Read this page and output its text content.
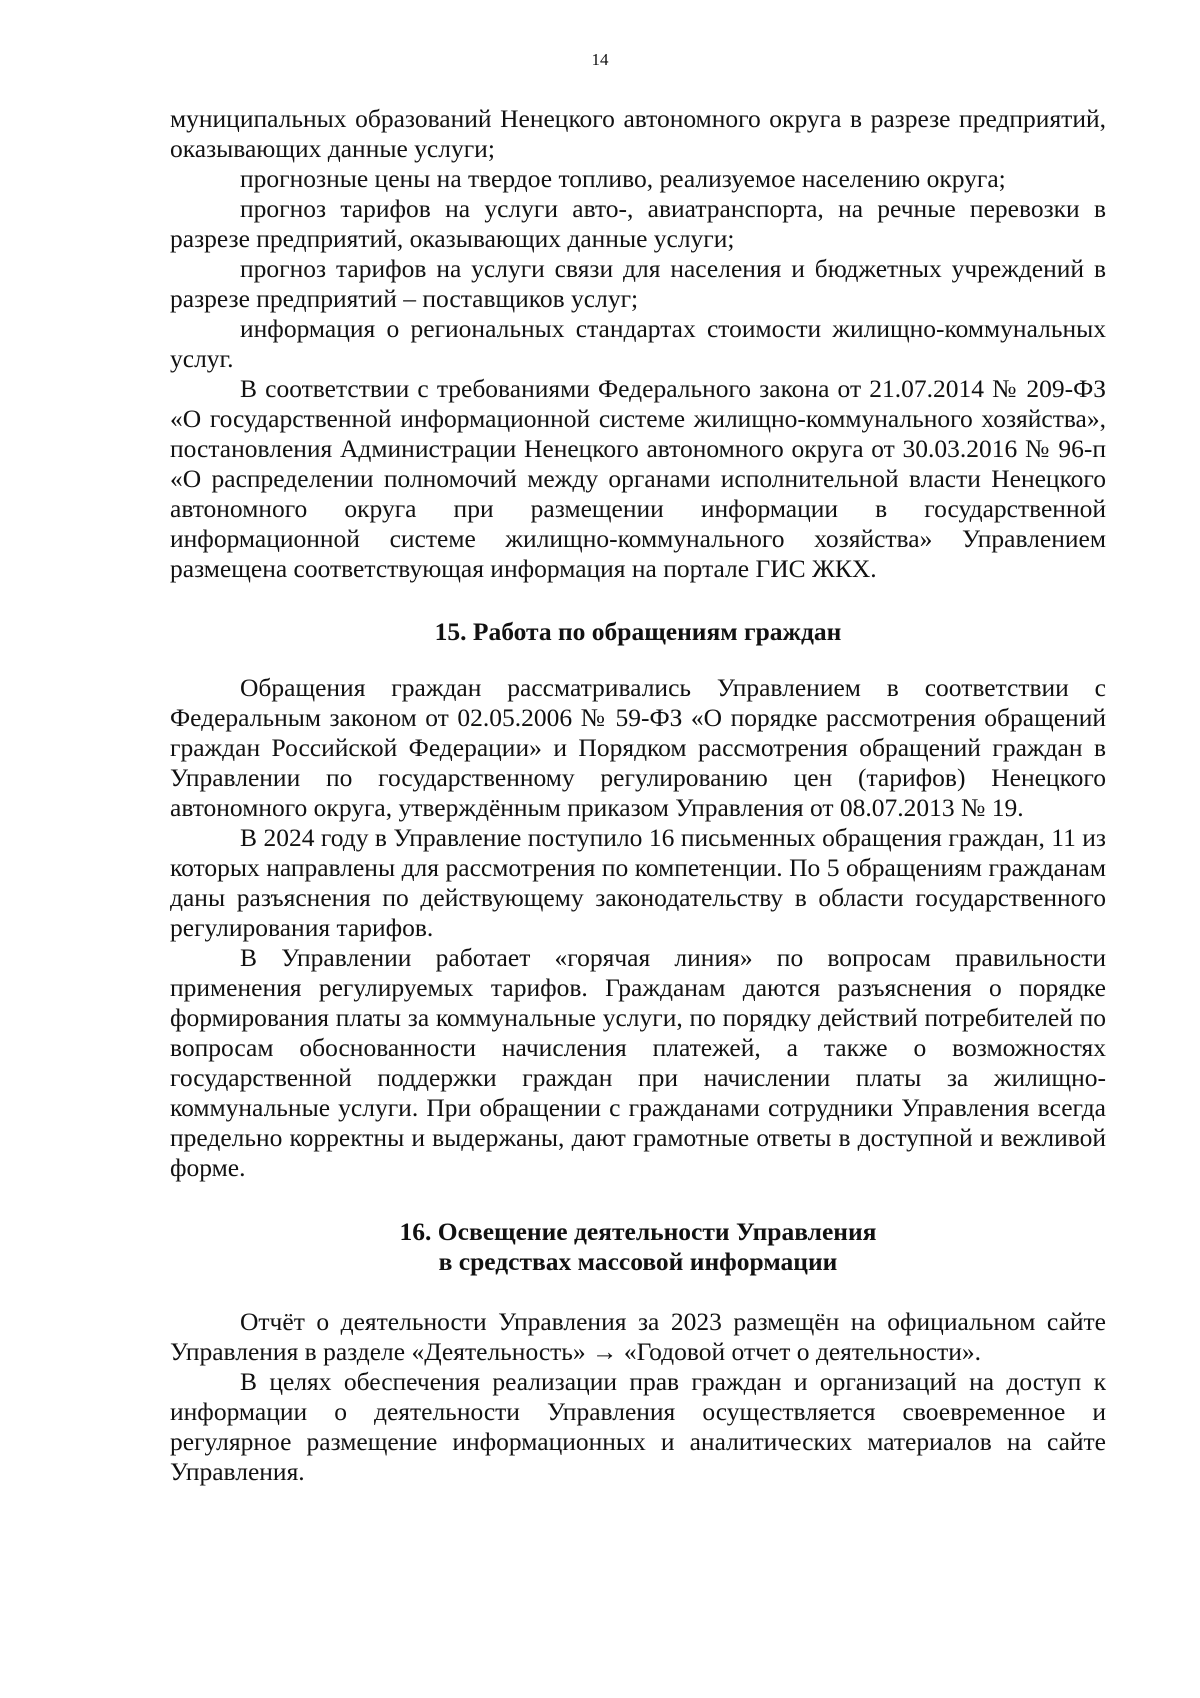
14

муниципальных образований Ненецкого автономного округа в разрезе предприятий, оказывающих данные услуги;

прогнозные цены на твердое топливо, реализуемое населению округа;

прогноз тарифов на услуги авто-, авиатранспорта, на речные перевозки в разрезе предприятий, оказывающих данные услуги;

прогноз тарифов на услуги связи для населения и бюджетных учреждений в разрезе предприятий – поставщиков услуг;

информация о региональных стандартах стоимости жилищно-коммунальных услуг.

В соответствии с требованиями Федерального закона от 21.07.2014 № 209-ФЗ «О государственной информационной системе жилищно-коммунального хозяйства», постановления Администрации Ненецкого автономного округа от 30.03.2016 № 96-п «О распределении полномочий между органами исполнительной власти Ненецкого автономного округа при размещении информации в государственной информационной системе жилищно-коммунального хозяйства» Управлением размещена соответствующая информация на портале ГИС ЖКХ.

15. Работа по обращениям граждан

Обращения граждан рассматривались Управлением в соответствии с Федеральным законом от 02.05.2006 № 59-ФЗ «О порядке рассмотрения обращений граждан Российской Федерации» и Порядком рассмотрения обращений граждан в Управлении по государственному регулированию цен (тарифов) Ненецкого автономного округа, утверждённым приказом Управления от 08.07.2013 № 19.

В 2024 году в Управление поступило 16 письменных обращения граждан, 11 из которых направлены для рассмотрения по компетенции. По 5 обращениям гражданам даны разъяснения по действующему законодательству в области государственного регулирования тарифов.

В Управлении работает «горячая линия» по вопросам правильности применения регулируемых тарифов. Гражданам даются разъяснения о порядке формирования платы за коммунальные услуги, по порядку действий потребителей по вопросам обоснованности начисления платежей, а также о возможностях государственной поддержки граждан при начислении платы за жилищно-коммунальные услуги. При обращении с гражданами сотрудники Управления всегда предельно корректны и выдержаны, дают грамотные ответы в доступной и вежливой форме.

16. Освещение деятельности Управления
в средствах массовой информации

Отчёт о деятельности Управления за 2023 размещён на официальном сайте Управления в разделе «Деятельность» → «Годовой отчет о деятельности».

В целях обеспечения реализации прав граждан и организаций на доступ к информации о деятельности Управления осуществляется своевременное и регулярное размещение информационных и аналитических материалов на сайте Управления.
